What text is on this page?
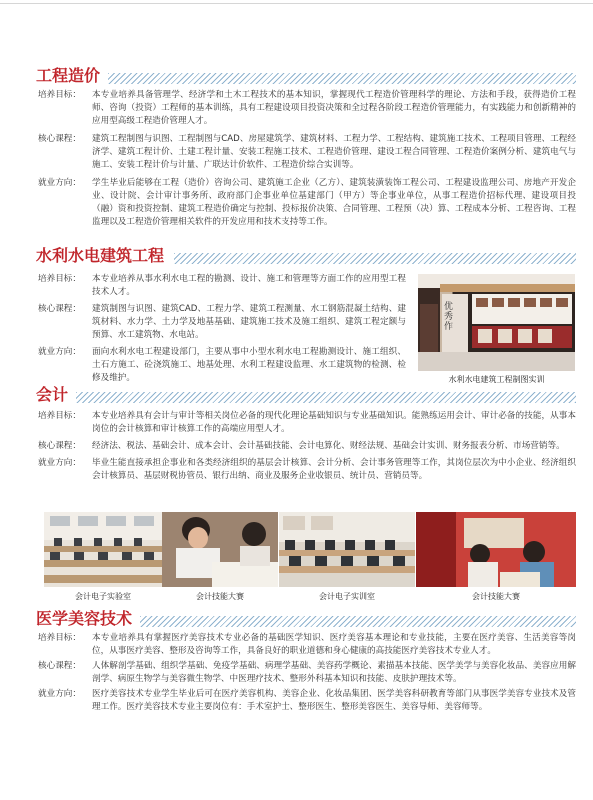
工程造价
培养目标：	本专业培养具备管理学、经济学和土木工程技术的基本知识，掌握现代工程造价管理科学的理论、方法和手段，获得造价工程师、咨询（投资）工程师的基本训练，具有工程建设项目投资决策和全过程各阶段工程造价管理能力，有实践能力和创新精神的应用型高级工程造价管理人才。
核心课程：	建筑工程制图与识图、工程制图与CAD、房屋建筑学、建筑材料、工程力学、工程结构、建筑施工技术、工程项目管理、工程经济学、建筑工程计价、土建工程计量、安装工程施工技术、工程造价管理、建设工程合同管理、工程造价案例分析、建筑电气与施工、安装工程计价与计量、广联达计价软件、工程造价综合实训等。
就业方向：	学生毕业后能够在工程（造价）咨询公司、建筑施工企业（乙方）、建筑装潢装饰工程公司、工程建设监理公司、房地产开发企业、设计院、会计审计事务所、政府部门企事业单位基建部门（甲方）等企事业单位，从事工程造价招标代理、建设项目投（融）资和投资控制、建筑工程造价确定与控制、投标报价决策、合同管理、工程预（决）算、工程成本分析、工程咨询、工程监理以及工程造价管理相关软件的开发应用和技术支持等工作。
水利水电建筑工程
培养目标：	本专业培养从事水利水电工程的勘测、设计、施工和管理等方面工作的应用型工程技术人才。
核心课程：	建筑制图与识图、建筑CAD、工程力学、建筑工程测量、水工钢筋混凝土结构、建筑材料、水力学、土力学及地基基础、建筑施工技术及施工组织、建筑工程定额与预算、水工建筑物、水电站。
就业方向：	面向水利水电工程建设部门，主要从事中小型水利水电工程勘测设计、施工组织、土石方施工、砼浇筑施工、地基处理、水利工程建设监理、水工建筑物的检测、检修及维护。
优秀作
水利水电建筑工程制图实训
会计
培养目标：	本专业培养具有会计与审计等相关岗位必备的现代化理论基础知识与专业基础知识。能熟练运用会计、审计必备的技能，从事本岗位的会计核算和审计核算工作的高端应用型人才。
核心课程：	经济法、税法、基础会计、成本会计、会计基础技能、会计电算化、财经法规、基础会计实训、财务报表分析、市场营销等。
就业方向：	毕业生能直接承担企事业和各类经济组织的基层会计核算、会计分析、会计事务管理等工作，其岗位层次为中小企业、经济组织会计核算员、基层财税协管员、银行出纳、商业及服务企业收银员、统计员、营销员等。
会计电子实验室	会计技能大赛	会计电子实训室	会计技能大赛
医学美容技术
培养目标：	本专业培养具有掌握医疗美容技术专业必备的基础医学知识、医疗美容基本理论和专业技能，主要在医疗美容、生活美容等岗位，从事医疗美容、整形及咨询等工作，具备良好的职业道德和身心健康的高技能医疗美容技术专业人才。
核心课程：	人体解剖学基础、组织学基础、免疫学基础、病理学基础、美容药学概论、素描基本技能、医学美学与美容化妆品、美容应用解剖学、病原生物学与美容微生物学、中医理疗技术、整形外科基本知识和技能、皮肤护理技术等。
就业方向：	医疗美容技术专业学生毕业后可在医疗美容机构、美容企业、化妆品集团、医学美容科研教育等部门从事医学美容专业技术及管理工作。医疗美容技术专业主要岗位有：手术室护士、整形医生、整形美容医生、美容导师、美容师等。
